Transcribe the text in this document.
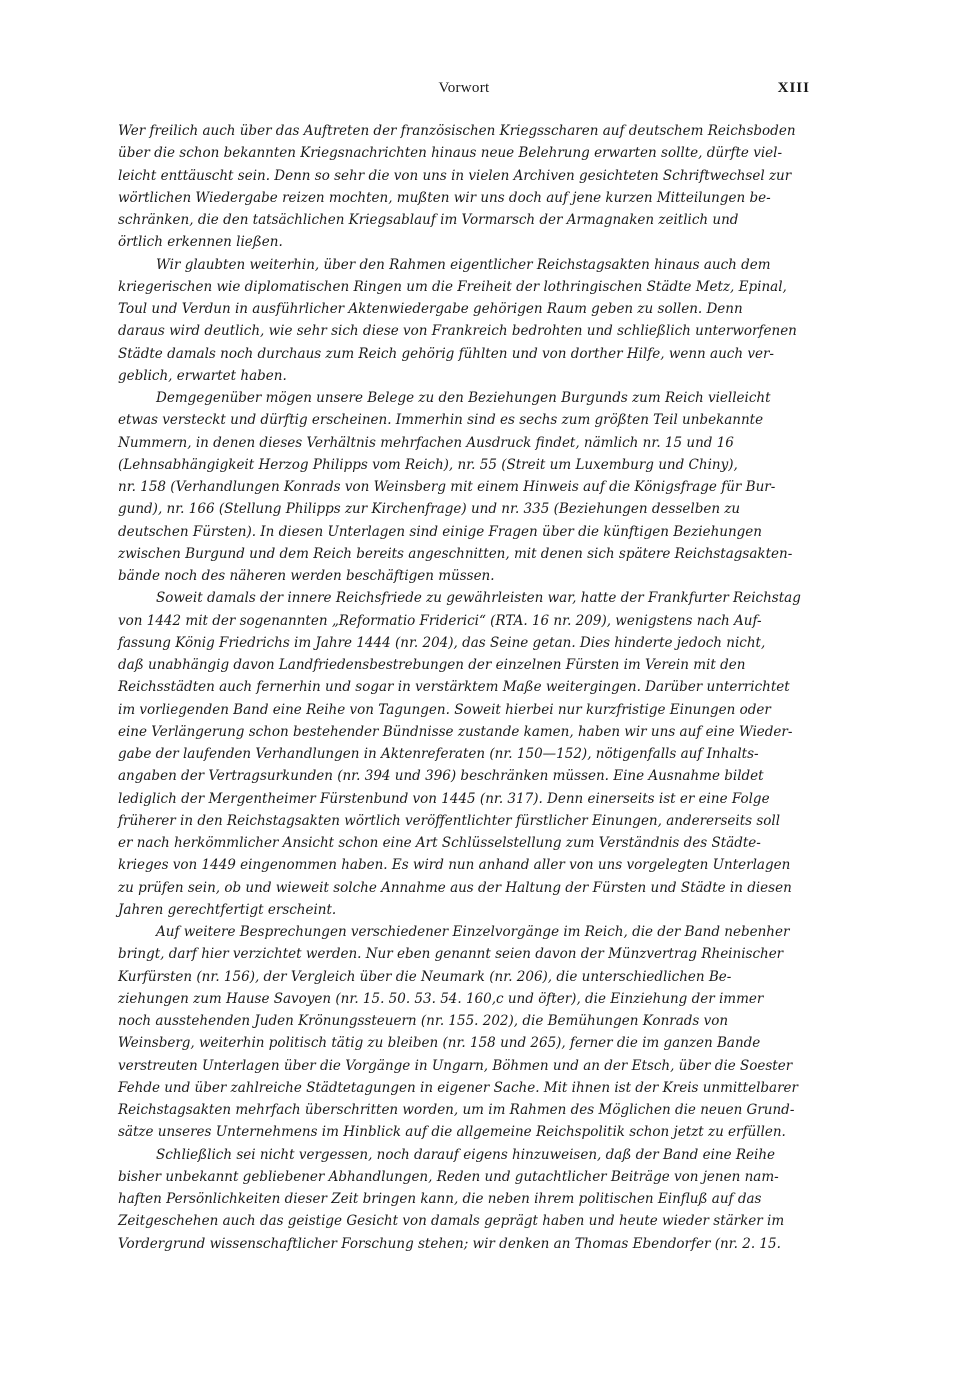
Vorwort	XIII
Wer freilich auch über das Auftreten der französischen Kriegsscharen auf deutschem Reichsboden
über die schon bekannten Kriegsnachrichten hinaus neue Belehrung erwarten sollte, dürfte viel-
leicht enttäuscht sein. Denn so sehr die von uns in vielen Archiven gesichteten Schriftwechsel zur
wörtlichen Wiedergabe reizen mochten, mußten wir uns doch auf jene kurzen Mitteilungen be-
schränken, die den tatsächlichen Kriegsablauf im Vormarsch der Armagnaken zeitlich und
örtlich erkennen ließen.
Wir glaubten weiterhin, über den Rahmen eigentlicher Reichstagsakten hinaus auch dem
kriegerischen wie diplomatischen Ringen um die Freiheit der lothringischen Städte Metz, Epinal,
Toul und Verdun in ausführlicher Aktenwiedergabe gehörigen Raum geben zu sollen. Denn
daraus wird deutlich, wie sehr sich diese von Frankreich bedrohten und schließlich unterworfenen
Städte damals noch durchaus zum Reich gehörig fühlten und von dorther Hilfe, wenn auch ver-
geblich, erwartet haben.
Demgegenüber mögen unsere Belege zu den Beziehungen Burgunds zum Reich vielleicht
etwas versteckt und dürftig erscheinen. Immerhin sind es sechs zum größten Teil unbekannte
Nummern, in denen dieses Verhältnis mehrfachen Ausdruck findet, nämlich nr. 15 und 16
(Lehnsabhängigkeit Herzog Philipps vom Reich), nr. 55 (Streit um Luxemburg und Chiny),
nr. 158 (Verhandlungen Konrads von Weinsberg mit einem Hinweis auf die Königsfrage für Bur-
gund), nr. 166 (Stellung Philipps zur Kirchenfrage) und nr. 335 (Beziehungen desselben zu
deutschen Fürsten). In diesen Unterlagen sind einige Fragen über die künftigen Beziehungen
zwischen Burgund und dem Reich bereits angeschnitten, mit denen sich spätere Reichstagsakten-
bände noch des näheren werden beschäftigen müssen.
Soweit damals der innere Reichsfriede zu gewährleisten war, hatte der Frankfurter Reichstag
von 1442 mit der sogenannten „Reformatio Friderici“ (RTA. 16 nr. 209), wenigstens nach Auf-
fassung König Friedrichs im Jahre 1444 (nr. 204), das Seine getan. Dies hinderte jedoch nicht,
daß unabhängig davon Landfriedensbestrebungen der einzelnen Fürsten im Verein mit den
Reichsstädten auch fernerhin und sogar in verstärktem Maße weitergingen. Darüber unterrichtet
im vorliegenden Band eine Reihe von Tagungen. Soweit hierbei nur kurzfristige Einungen oder
eine Verlängerung schon bestehender Bündnisse zustande kamen, haben wir uns auf eine Wieder-
gabe der laufenden Verhandlungen in Aktenreferaten (nr. 150—152), nötigenfalls auf Inhalts-
angaben der Vertragsurkunden (nr. 394 und 396) beschränken müssen. Eine Ausnahme bildet
lediglich der Mergentheimer Fürstenbund von 1445 (nr. 317). Denn einerseits ist er eine Folge
früherer in den Reichstagsakten wörtlich veröffentlichter fürstlicher Einungen, andererseits soll
er nach herkömmlicher Ansicht schon eine Art Schlüsselstellung zum Verständnis des Städte-
krieges von 1449 eingenommen haben. Es wird nun anhand aller von uns vorgelegten Unterlagen
zu prüfen sein, ob und wieweit solche Annahme aus der Haltung der Fürsten und Städte in diesen
Jahren gerechtfertigt erscheint.
Auf weitere Besprechungen verschiedener Einzelvorgänge im Reich, die der Band nebenher
bringt, darf hier verzichtet werden. Nur eben genannt seien davon der Münzvertrag Rheinischer
Kurfürsten (nr. 156), der Vergleich über die Neumark (nr. 206), die unterschiedlichen Be-
ziehungen zum Hause Savoyen (nr. 15. 50. 53. 54. 160,c und öfter), die Einziehung der immer
noch ausstehenden Juden Krönungssteuern (nr. 155. 202), die Bemühungen Konrads von
Weinsberg, weiterhin politisch tätig zu bleiben (nr. 158 und 265), ferner die im ganzen Bande
verstreuten Unterlagen über die Vorgänge in Ungarn, Böhmen und an der Etsch, über die Soester
Fehde und über zahlreiche Städtetagungen in eigener Sache. Mit ihnen ist der Kreis unmittelbarer
Reichstagsakten mehrfach überschritten worden, um im Rahmen des Möglichen die neuen Grund-
sätze unseres Unternehmens im Hinblick auf die allgemeine Reichspolitik schon jetzt zu erfüllen.
Schließlich sei nicht vergessen, noch darauf eigens hinzuweisen, daß der Band eine Reihe
bisher unbekannt gebliebener Abhandlungen, Reden und gutachtlicher Beiträge von jenen nam-
haften Persönlichkeiten dieser Zeit bringen kann, die neben ihrem politischen Einfluß auf das
Zeitgeschehen auch das geistige Gesicht von damals geprägt haben und heute wieder stärker im
Vordergrund wissenschaftlicher Forschung stehen; wir denken an Thomas Ebendorfer (nr. 2. 15.
